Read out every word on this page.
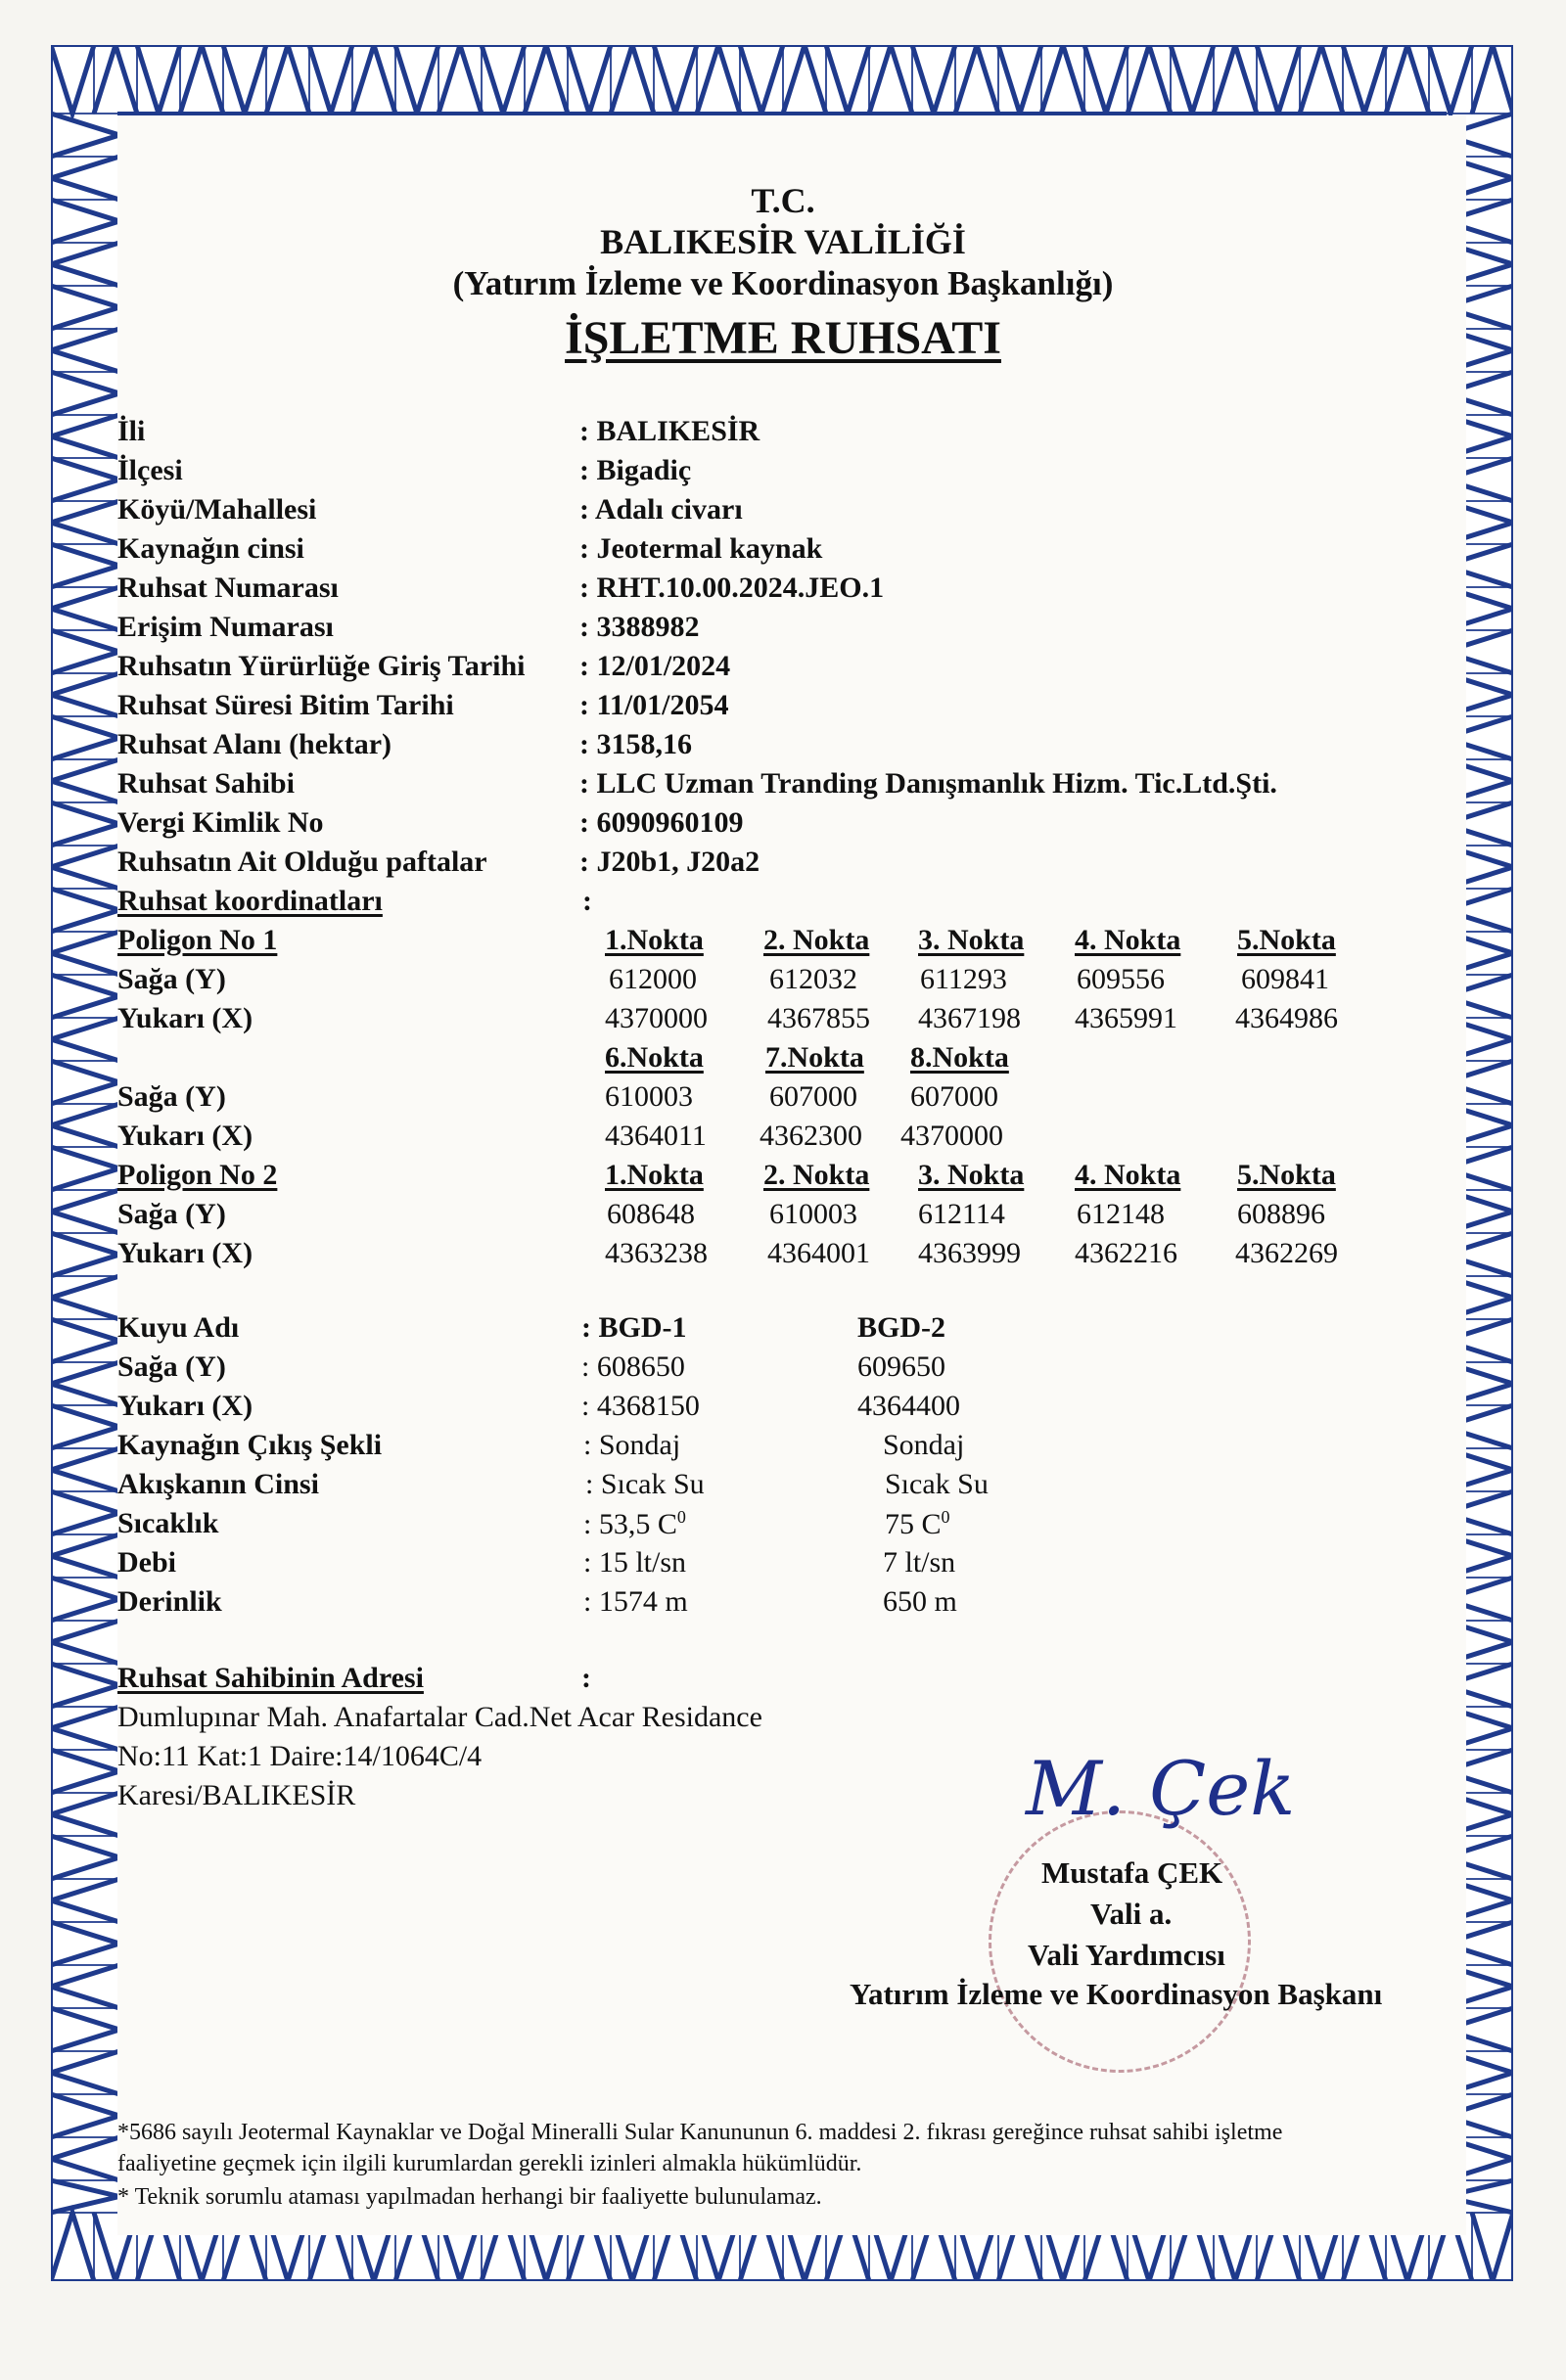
T.C.
BALIKESİR VALİLİĞİ
(Yatırım İzleme ve Koordinasyon Başkanlığı)
İŞLETME RUHSATI
İli	: BALIKESİR
İlçesi	: Bigadiç
Köyü/Mahallesi	: Adalı civarı
Kaynağın cinsi	: Jeotermal kaynak
Ruhsat Numarası	: RHT.10.00.2024.JEO.1
Erişim Numarası	: 3388982
Ruhsatın Yürürlüğe Giriş Tarihi : 12/01/2024
Ruhsat Süresi Bitim Tarihi	: 11/01/2054
Ruhsat Alanı (hektar)	: 3158,16
Ruhsat Sahibi	: LLC Uzman Tranding Danışmanlık Hizm. Tic.Ltd.Şti.
Vergi Kimlik No	: 6090960109
Ruhsatın Ait Olduğu paftalar	: J20b1, J20a2
Ruhsat koordinatları	:
Poligon No 1	1.Nokta 2. Nokta 3. Nokta 4. Nokta 5.Nokta
Sağa (Y)	612000 612032 611293 609556	609841
Yukarı (X)	4370000 4367855 4367198 4365991 4364986
6.Nokta 7.Nokta 8.Nokta
Sağa (Y)	610003	607000 607000
Yukarı (X)	4364011 4362300 4370000
Poligon No 2	1.Nokta 2. Nokta 3. Nokta 4. Nokta 5.Nokta
Sağa (Y)	608648	610003 612114 612148 608896
Yukarı (X)	4363238 4364001 4363999 4362216 4362269
Kuyu Adı	: BGD-1	BGD-2
Sağa (Y)	: 608650	609650
Yukarı (X)	: 4368150	4364400
Kaynağın Çıkış Şekli	: Sondaj	Sondaj
Akışkanın Cinsi	: Sıcak Su	Sıcak Su
Sıcaklık	: 53,5 $C^0$	75 $C^0$
Debi	: 15 lt/sn	7 lt/sn
Derinlik	: 1574 m	650 m
Ruhsat Sahibinin Adresi	:
Dumlupınar Mah. Anafartalar Cad.Net Acar Residance
No:11 Kat:1 Daire:14/1064C/4
Karesi/BALIKESİR	M. Çek
Mustafa ÇEK
Vali a.
Vali Yardımcısı
Yatırım İzleme ve Koordinasyon Başkanı
*5686 sayılı Jeotermal Kaynaklar ve Doğal Mineralli Sular Kanununun 6. maddesi 2. fıkrası gereğince ruhsat sahibi işletme
faaliyetine geçmek için ilgili kurumlardan gerekli izinleri almakla hükümlüdür.
* Teknik sorumlu ataması yapılmadan herhangi bir faaliyette bulunulamaz.
